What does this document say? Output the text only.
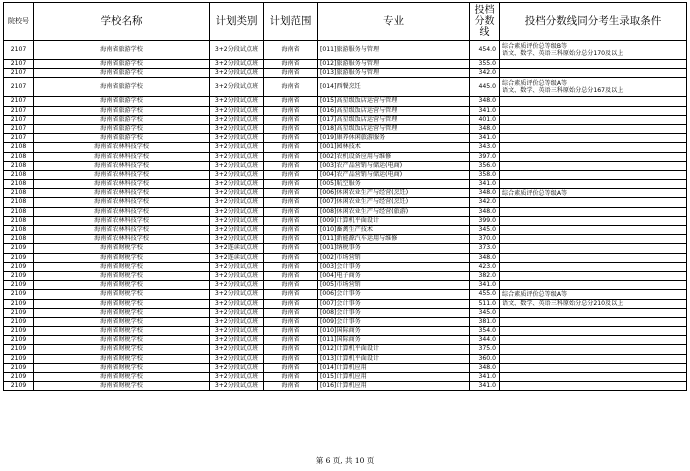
院校号	学校名称	计划类别	计划范围	专业	投档分数线	投档分数线同分考生录取条件
2107	海南省旅游学校	3+2分段试点班	海南省	[011]旅游服务与管理	454.0	综合素质评价总等级B等
语文、数学、英语三科原始分总分170及以上

2107	海南省旅游学校	3+2分段试点班	海南省	[012]旅游服务与管理	355.0	
2107	海南省旅游学校	3+2分段试点班	海南省	[013]旅游服务与管理	342.0	
2107	海南省旅游学校	3+2分段试点班	海南省	[014]西餐烹饪	445.0	综合素质评价总等级A等
语文、数学、英语三科原始分总分167及以上

2107	海南省旅游学校	3+2分段试点班	海南省	[015]高星级饭店运营与管理	348.0	
2107	海南省旅游学校	3+2分段试点班	海南省	[016]高星级饭店运营与管理	341.0	
2107	海南省旅游学校	3+2分段试点班	海南省	[017]高星级饭店运营与管理	401.0	
2107	海南省旅游学校	3+2分段试点班	海南省	[018]高星级饭店运营与管理	348.0	
2107	海南省旅游学校	3+2分段试点班	海南省	[019]康养休闲旅游服务	341.0	
2108	海南省农林科技学校	3+2分段试点班	海南省	[001]园林技术	343.0	
2108	海南省农林科技学校	3+2分段试点班	海南省	[002]农机设备应用与维修	397.0	
2108	海南省农林科技学校	3+2分段试点班	海南省	[003]农产品营销与储运(电商)	356.0	
2108	海南省农林科技学校	3+2分段试点班	海南省	[004]农产品营销与储运(电商)	358.0	
2108	海南省农林科技学校	3+2分段试点班	海南省	[005]航空服务	341.0	
2108	海南省农林科技学校	3+2分段试点班	海南省	[006]休闲农业生产与经营(烹饪)	348.0	综合素质评价总等级A等

2108	海南省农林科技学校	3+2分段试点班	海南省	[007]休闲农业生产与经营(烹饪)	342.0	
2108	海南省农林科技学校	3+2分段试点班	海南省	[008]休闲农业生产与经营(旅游)	348.0	
2108	海南省农林科技学校	3+2分段试点班	海南省	[009]计算机平面设计	399.0	
2108	海南省农林科技学校	3+2分段试点班	海南省	[010]畜禽生产技术	345.0	
2108	海南省农林科技学校	3+2分段试点班	海南省	[011]新能源汽车运用与维修	370.0	
2109	海南省财税学校	3+2连读试点班	海南省	[001]纳税事务	373.0	
2109	海南省财税学校	3+2连读试点班	海南省	[002]市场营销	348.0	
2109	海南省财税学校	3+2分段试点班	海南省	[003]会计事务	423.0	
2109	海南省财税学校	3+2分段试点班	海南省	[004]电子商务	382.0	
2109	海南省财税学校	3+2分段试点班	海南省	[005]市场营销	341.0	
2109	海南省财税学校	3+2分段试点班	海南省	[006]会计事务	455.0	综合素质评价总等级A等

2109	海南省财税学校	3+2分段试点班	海南省	[007]会计事务	511.0	语文、数学、英语三科原始分总分210及以上

2109	海南省财税学校	3+2分段试点班	海南省	[008]会计事务	345.0	
2109	海南省财税学校	3+2分段试点班	海南省	[009]会计事务	381.0	
2109	海南省财税学校	3+2分段试点班	海南省	[010]国际商务	354.0	
2109	海南省财税学校	3+2分段试点班	海南省	[011]国际商务	344.0	
2109	海南省财税学校	3+2分段试点班	海南省	[012]计算机平面设计	375.0	
2109	海南省财税学校	3+2分段试点班	海南省	[013]计算机平面设计	360.0	
2109	海南省财税学校	3+2分段试点班	海南省	[014]计算机应用	348.0	
2109	海南省财税学校	3+2分段试点班	海南省	[015]计算机应用	341.0	
2109	海南省财税学校	3+2分段试点班	海南省	[016]计算机应用	341.0	
第 6 页, 共 10 页
